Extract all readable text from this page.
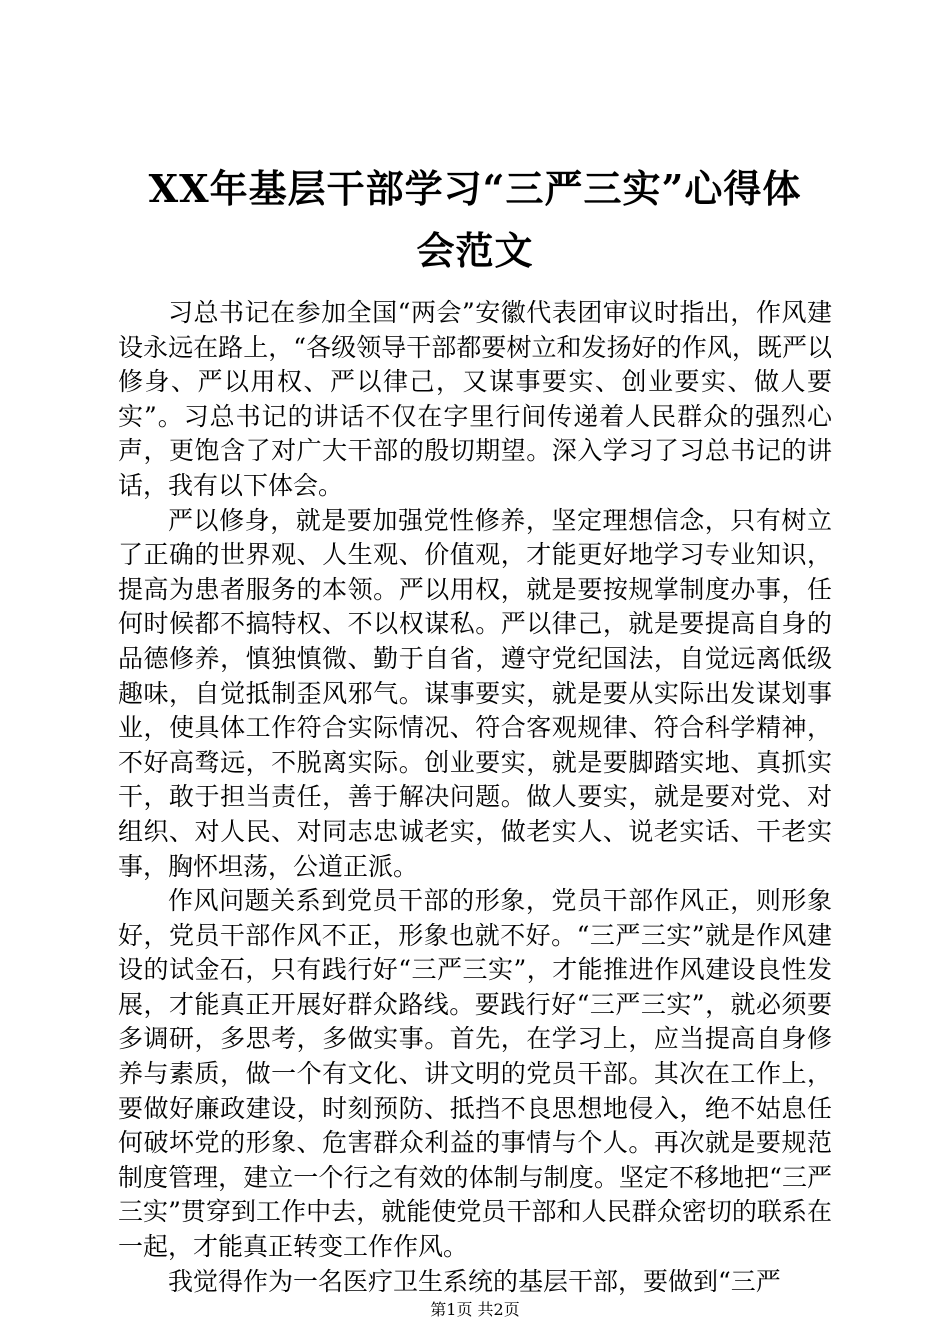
XX年基层干部学习“三严三实”心得体会范文

习总书记在参加全国“两会”安徽代表团审议时指出，作风建设永远在路上，“各级领导干部都要树立和发扬好的作风，既严以修身、严以用权、严以律己，又谋事要实、创业要实、做人要实”。习总书记的讲话不仅在字里行间传递着人民群众的强烈心声，更饱含了对广大干部的殷切期望。深入学习了习总书记的讲话，我有以下体会。

严以修身，就是要加强党性修养，坚定理想信念，只有树立了正确的世界观、人生观、价值观，才能更好地学习专业知识，提高为患者服务的本领。严以用权，就是要按规掌制度办事，任何时候都不搞特权、不以权谋私。严以律己，就是要提高自身的品德修养，慎独慎微、勤于自省，遵守党纪国法，自觉远离低级趣味，自觉抵制歪风邪气。谋事要实，就是要从实际出发谋划事业，使具体工作符合实际情况、符合客观规律、符合科学精神，不好高骛远，不脱离实际。创业要实，就是要脚踏实地、真抓实干，敢于担当责任，善于解决问题。做人要实，就是要对党、对组织、对人民、对同志忠诚老实，做老实人、说老实话、干老实事，胸怀坦荡，公道正派。

作风问题关系到党员干部的形象，党员干部作风正，则形象好，党员干部作风不正，形象也就不好。“三严三实”就是作风建设的试金石，只有践行好“三严三实”，才能推进作风建设良性发展，才能真正开展好群众路线。要践行好“三严三实”，就必须要多调研，多思考，多做实事。首先，在学习上，应当提高自身修养与素质，做一个有文化、讲文明的党员干部。其次在工作上，要做好廉政建设，时刻预防、抵挡不良思想地侵入，绝不姑息任何破坏党的形象、危害群众利益的事情与个人。再次就是要规范制度管理，建立一个行之有效的体制与制度。坚定不移地把“三严三实”贯穿到工作中去，就能使党员干部和人民群众密切的联系在一起，才能真正转变工作作风。

我觉得作为一名医疗卫生系统的基层干部，要做到“三严

第1页 共2页
